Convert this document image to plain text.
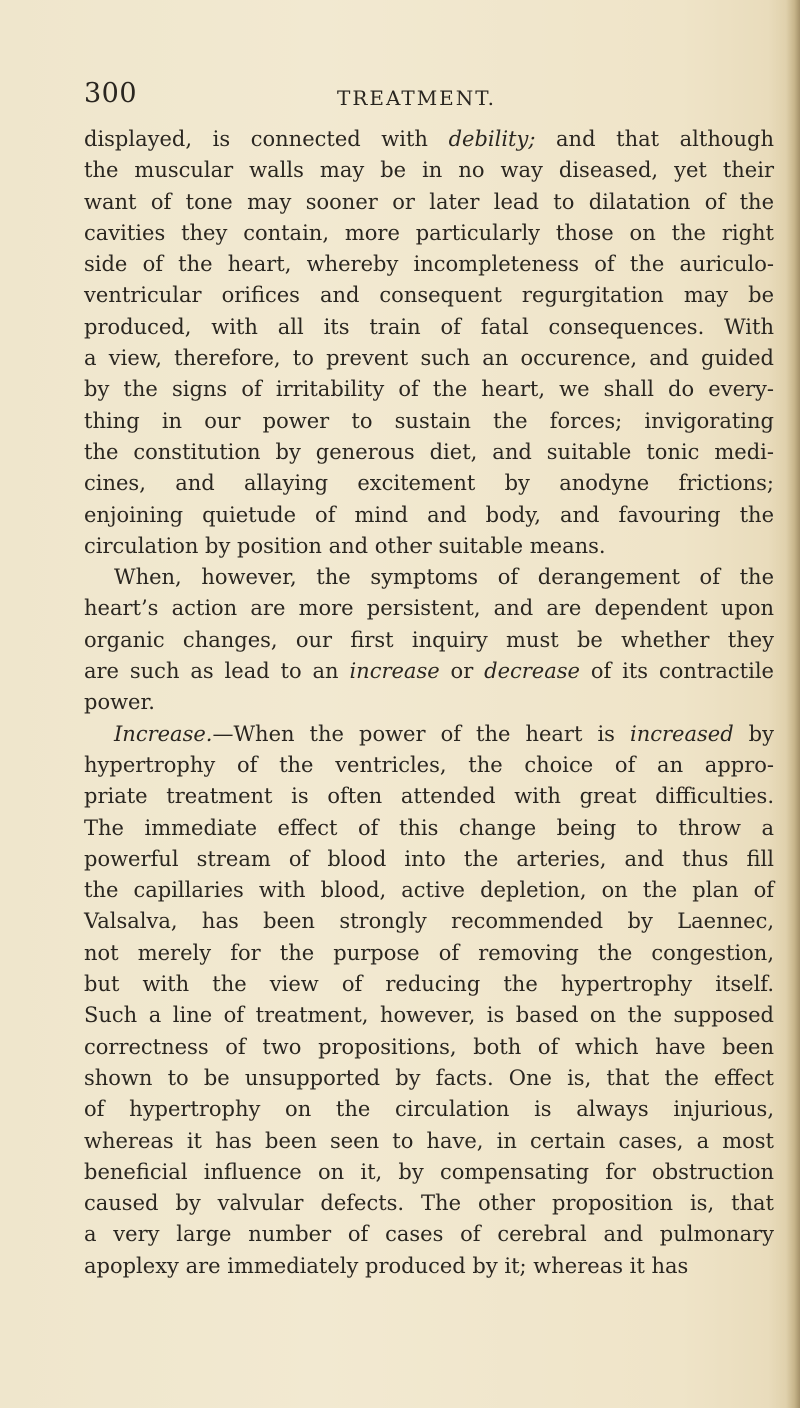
300	TREATMENT.
displayed, is connected with debility; and that although
the muscular walls may be in no way diseased, yet their
want of tone may sooner or later lead to dilatation of the
cavities they contain, more particularly those on the right
side of the heart, whereby incompleteness of the auriculo-
ventricular orifices and consequent regurgitation may be
produced, with all its train of fatal consequences. With
a view, therefore, to prevent such an occurence, and guided
by the signs of irritability of the heart, we shall do every-
thing in our power to sustain the forces; invigorating
the constitution by generous diet, and suitable tonic medi-
cines, and allaying excitement by anodyne frictions;
enjoining quietude of mind and body, and favouring the
circulation by position and other suitable means.
When, however, the symptoms of derangement of the
heart’s action are more persistent, and are dependent upon
organic changes, our first inquiry must be whether they
are such as lead to an increase or decrease of its contractile
power.
Increase.—When the power of the heart is increased by
hypertrophy of the ventricles, the choice of an appro-
priate treatment is often attended with great difficulties.
The immediate effect of this change being to throw a
powerful stream of blood into the arteries, and thus fill
the capillaries with blood, active depletion, on the plan of
Valsalva, has been strongly recommended by Laennec,
not merely for the purpose of removing the congestion,
but with the view of reducing the hypertrophy itself.
Such a line of treatment, however, is based on the supposed
correctness of two propositions, both of which have been
shown to be unsupported by facts. One is, that the effect
of hypertrophy on the circulation is always injurious,
whereas it has been seen to have, in certain cases, a most
beneficial influence on it, by compensating for obstruction
caused by valvular defects. The other proposition is, that
a very large number of cases of cerebral and pulmonary
apoplexy are immediately produced by it; whereas it has
